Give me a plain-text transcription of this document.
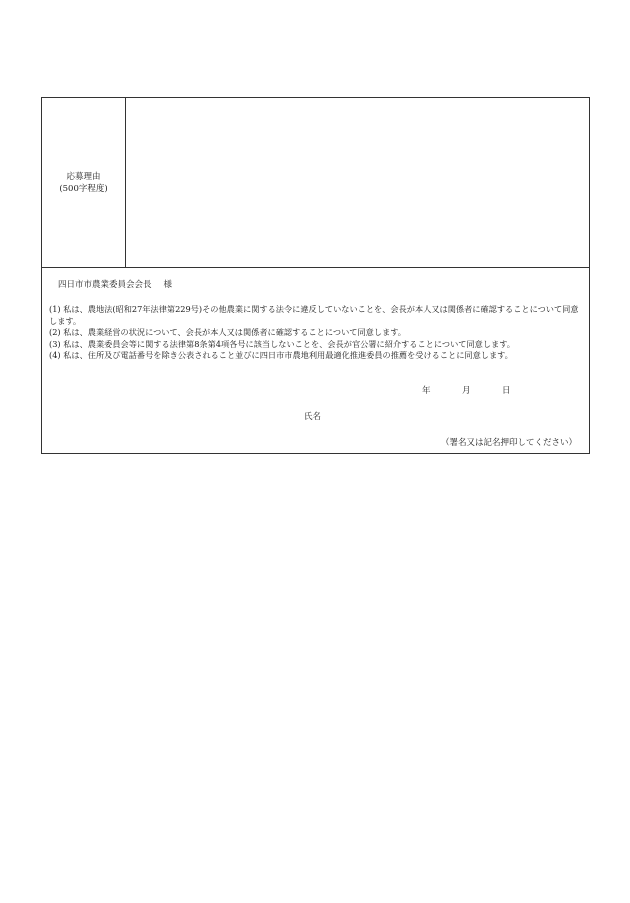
応募理由
(500字程度)
四日市市農業委員会会長 様

(1) 私は、農地法(昭和27年法律第229号)その他農業に関する法令に違反していないことを、会長が本人又は関係者に確認することについて同意します。

(2) 私は、農業経営の状況について、会長が本人又は関係者に確認することについて同意します。

(3) 私は、農業委員会等に関する法律第8条第4項各号に該当しないことを、会長が官公署に紹介することについて同意します。

(4) 私は、住所及び電話番号を除き公表されること並びに四日市市農地利用最適化推進委員の推薦を受けることに同意します。

年	月	日
氏名
（署名又は記名押印してください）
